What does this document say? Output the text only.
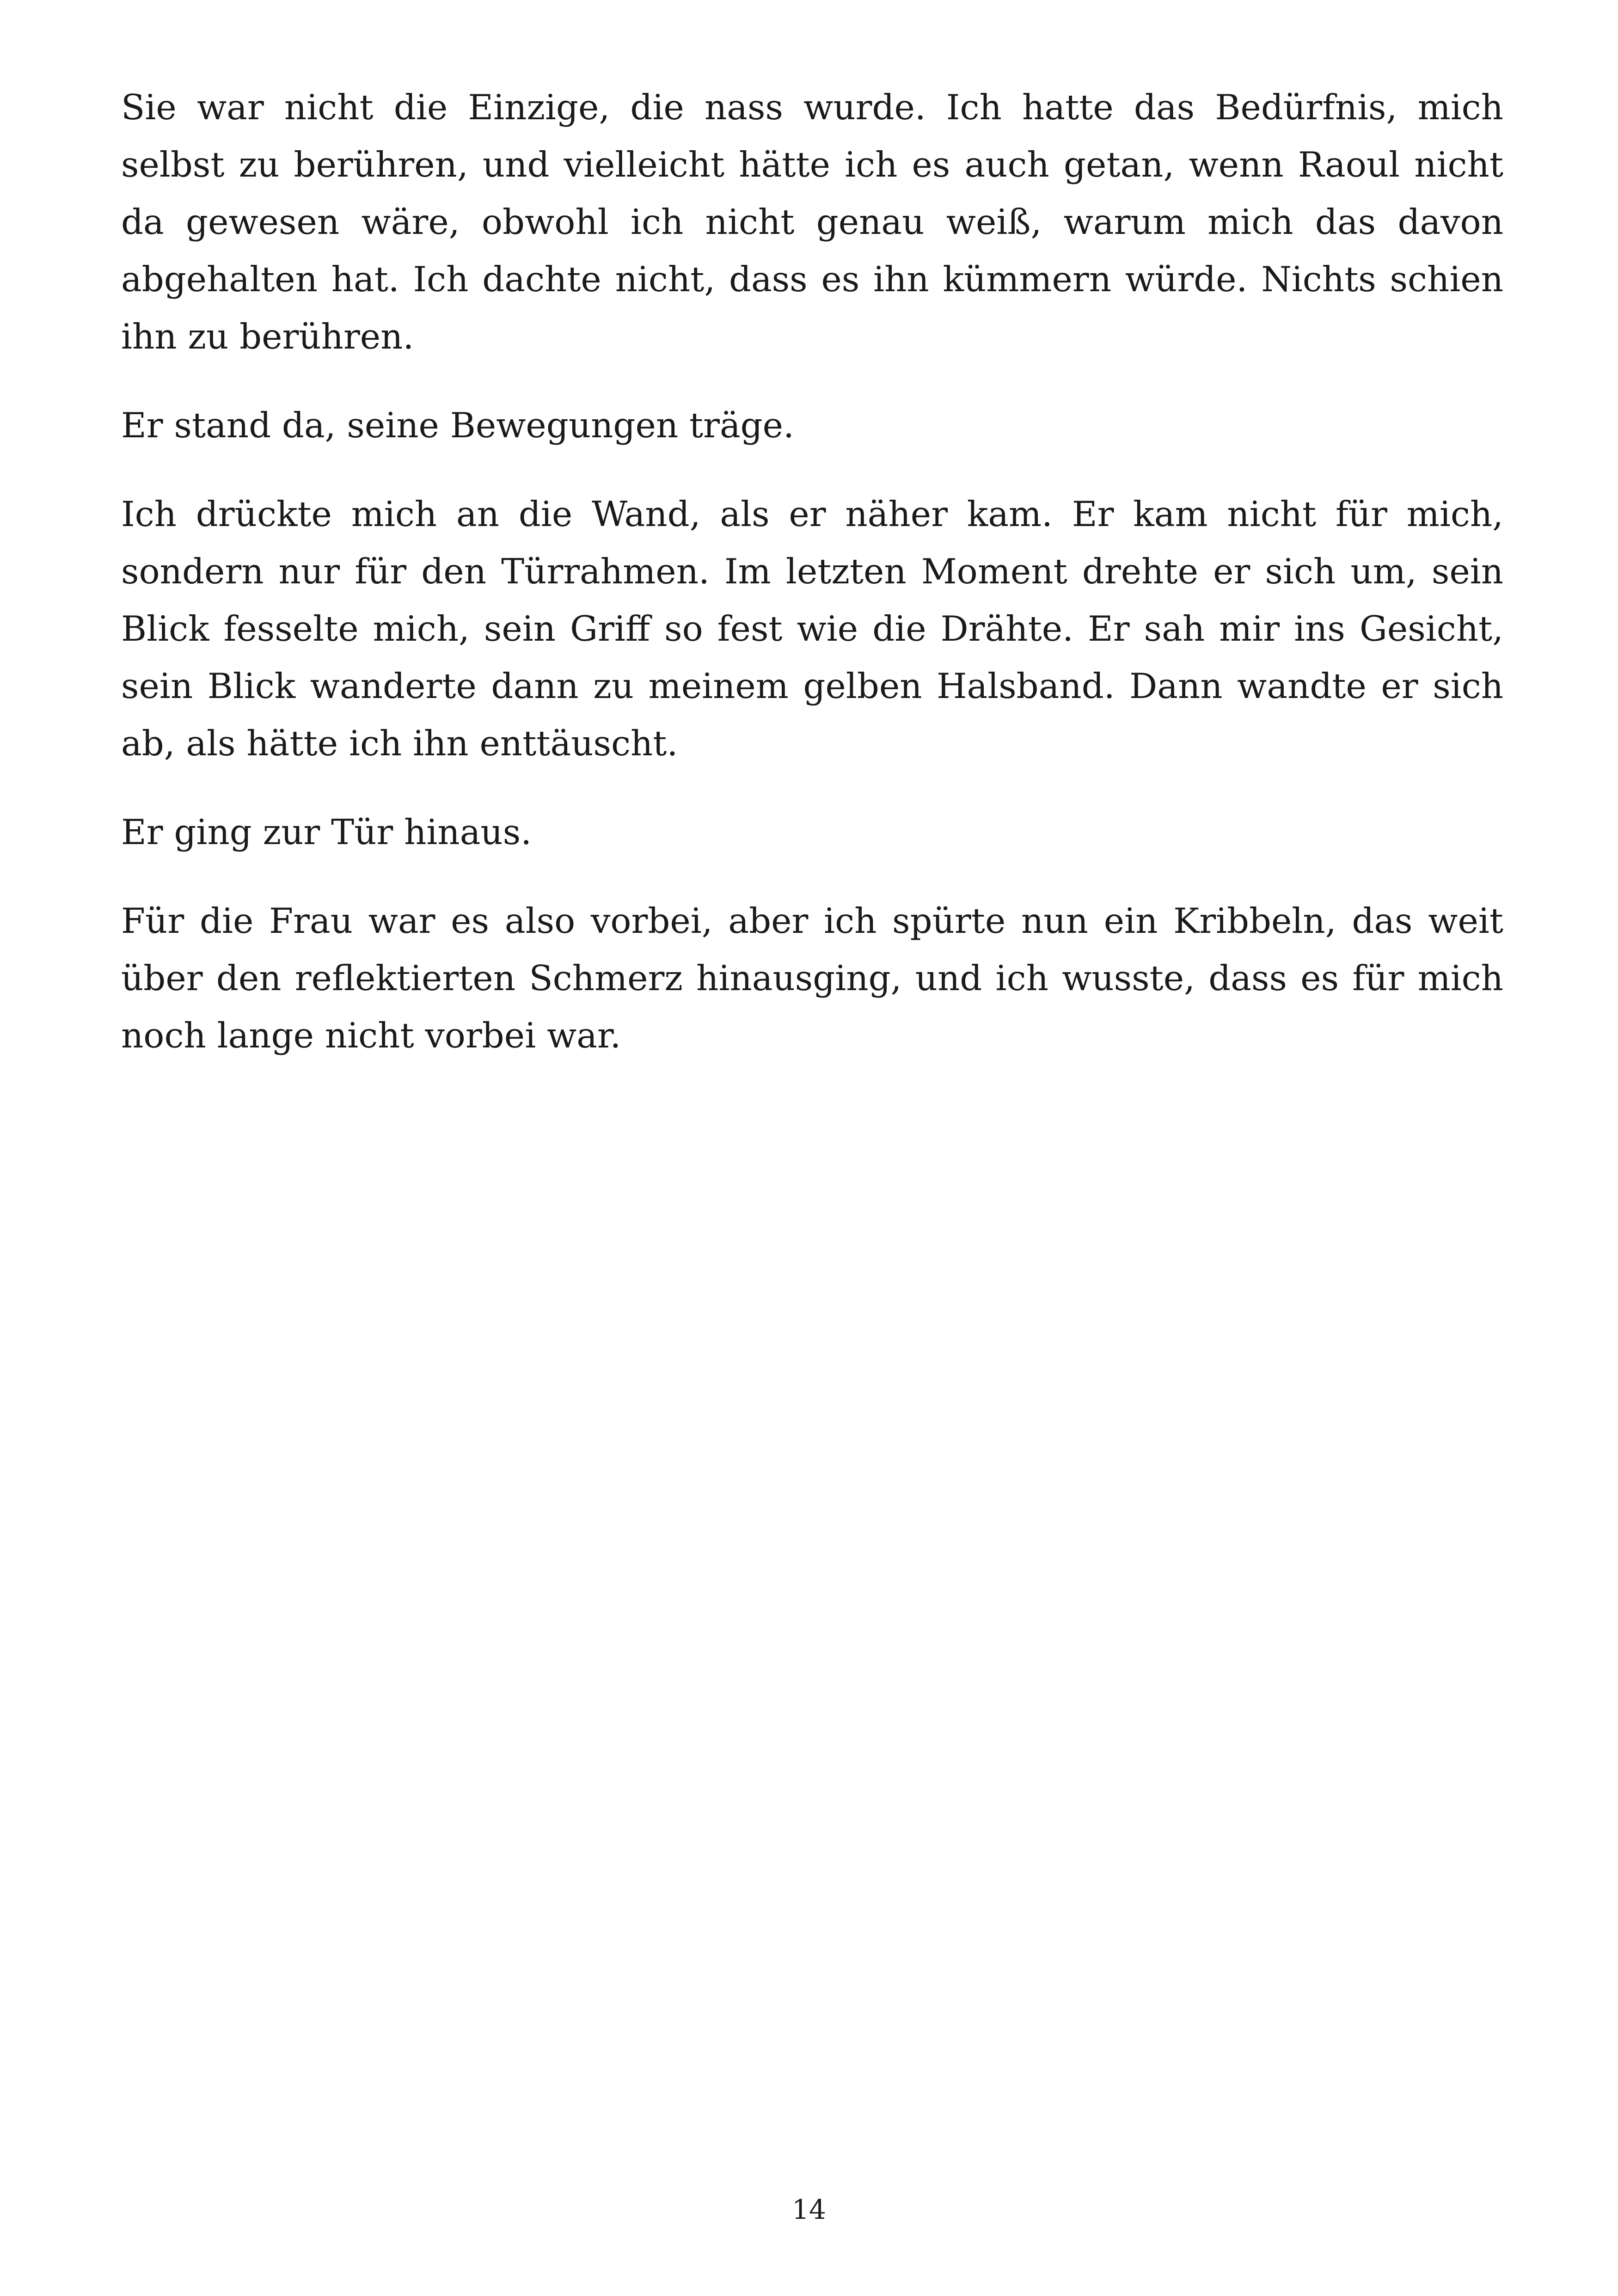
Sie war nicht die Einzige, die nass wurde. Ich hatte das Bedürfnis, mich selbst zu berühren, und vielleicht hätte ich es auch getan, wenn Raoul nicht da gewesen wäre, obwohl ich nicht genau weiß, warum mich das davon abgehalten hat. Ich dachte nicht, dass es ihn kümmern würde. Nichts schien ihn zu berühren.

Er stand da, seine Bewegungen träge.

Ich drückte mich an die Wand, als er näher kam. Er kam nicht für mich, sondern nur für den Türrahmen. Im letzten Moment drehte er sich um, sein Blick fesselte mich, sein Griff so fest wie die Drähte. Er sah mir ins Gesicht, sein Blick wanderte dann zu meinem gelben Halsband. Dann wandte er sich ab, als hätte ich ihn enttäuscht.

Er ging zur Tür hinaus.

Für die Frau war es also vorbei, aber ich spürte nun ein Kribbeln, das weit über den reflektierten Schmerz hinausging, und ich wusste, dass es für mich noch lange nicht vorbei war.

14
